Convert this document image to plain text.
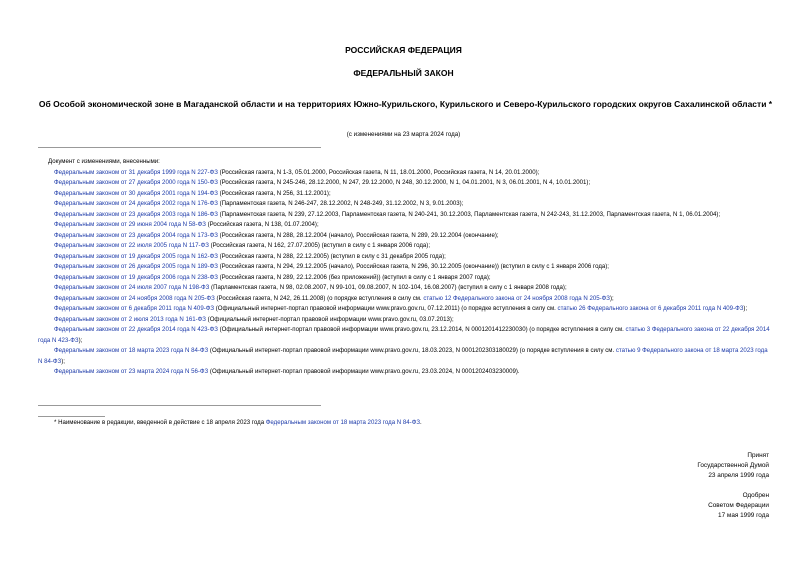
РОССИЙСКАЯ ФЕДЕРАЦИЯ
ФЕДЕРАЛЬНЫЙ ЗАКОН
Об Особой экономической зоне в Магаданской области и на территориях Южно-Курильского, Курильского и Северо-Курильского городских округов Сахалинской области *
(с изменениями на 23 марта 2024 года)

Документ с изменениями, внесенными:

Федеральным законом от 31 декабря 1999 года N 227-ФЗ (Российская газета, N 1-3, 05.01.2000, Российская газета, N 11, 18.01.2000, Российская газета, N 14, 20.01.2000);

Федеральным законом от 27 декабря 2000 года N 150-ФЗ (Российская газета, N 245-246, 28.12.2000, N 247, 29.12.2000, N 248, 30.12.2000, N 1, 04.01.2001, N 3, 06.01.2001, N 4, 10.01.2001);

Федеральным законом от 30 декабря 2001 года N 194-ФЗ (Российская газета, N 256, 31.12.2001);

Федеральным законом от 24 декабря 2002 года N 176-ФЗ (Парламентская газета, N 246-247, 28.12.2002, N 248-249, 31.12.2002, N 3, 9.01.2003);

Федеральным законом от 23 декабря 2003 года N 186-ФЗ (Парламентская газета, N 239, 27.12.2003, Парламентская газета, N 240-241, 30.12.2003, Парламентская газета, N 242-243, 31.12.2003, Парламентская газета, N 1, 06.01.2004);

Федеральным законом от 29 июня 2004 года N 58-ФЗ (Российская газета, N 138, 01.07.2004);

Федеральным законом от 23 декабря 2004 года N 173-ФЗ (Российская газета, N 288, 28.12.2004 (начало), Российская газета, N 289, 29.12.2004 (окончание);

Федеральным законом от 22 июля 2005 года N 117-ФЗ (Российская газета, N 162, 27.07.2005) (вступил в силу с 1 января 2006 года);

Федеральным законом от 19 декабря 2005 года N 162-ФЗ (Российская газета, N 288, 22.12.2005) (вступил в силу с 31 декабря 2005 года);

Федеральным законом от 26 декабря 2005 года N 189-ФЗ (Российская газета, N 294, 29.12.2005 (начало), Российская газета, N 296, 30.12.2005 (окончание)) (вступил в силу с 1 января 2006 года);

Федеральным законом от 19 декабря 2006 года N 238-ФЗ (Российская газета, N 289, 22.12.2006 (без приложений)) (вступил в силу с 1 января 2007 года);

Федеральным законом от 24 июля 2007 года N 198-ФЗ (Парламентская газета, N 98, 02.08.2007, N 99-101, 09.08.2007, N 102-104, 16.08.2007) (вступил в силу с 1 января 2008 года);

Федеральным законом от 24 ноября 2008 года N 205-ФЗ (Российская газета, N 242, 26.11.2008) (о порядке вступления в силу см. статью 12 Федерального закона от 24 ноября 2008 года N 205-ФЗ);

Федеральным законом от 6 декабря 2011 года N 409-ФЗ (Официальный интернет-портал правовой информации www.pravo.gov.ru, 07.12.2011) (о порядке вступления в силу см. статью 26 Федерального закона от 6 декабря 2011 года N 409-ФЗ);

Федеральным законом от 2 июля 2013 года N 161-ФЗ (Официальный интернет-портал правовой информации www.pravo.gov.ru, 03.07.2013);

Федеральным законом от 22 декабря 2014 года N 423-ФЗ (Официальный интернет-портал правовой информации www.pravo.gov.ru, 23.12.2014, N 0001201412230030) (о порядке вступления в силу см. статью 3 Федерального закона от 22 декабря 2014 года N 423-ФЗ);

Федеральным законом от 18 марта 2023 года N 84-ФЗ (Официальный интернет-портал правовой информации www.pravo.gov.ru, 18.03.2023, N 0001202303180029) (о порядке вступления в силу см. статью 9 Федерального закона от 18 марта 2023 года N 84-ФЗ);

Федеральным законом от 23 марта 2024 года N 56-ФЗ (Официальный интернет-портал правовой информации www.pravo.gov.ru, 23.03.2024, N 0001202403230009).

* Наименование в редакции, введенной в действие с 18 апреля 2023 года Федеральным законом от 18 марта 2023 года N 84-ФЗ.
Принят
Государственной Думой
23 апреля 1999 года
Одобрен
Советом Федерации
17 мая 1999 года
